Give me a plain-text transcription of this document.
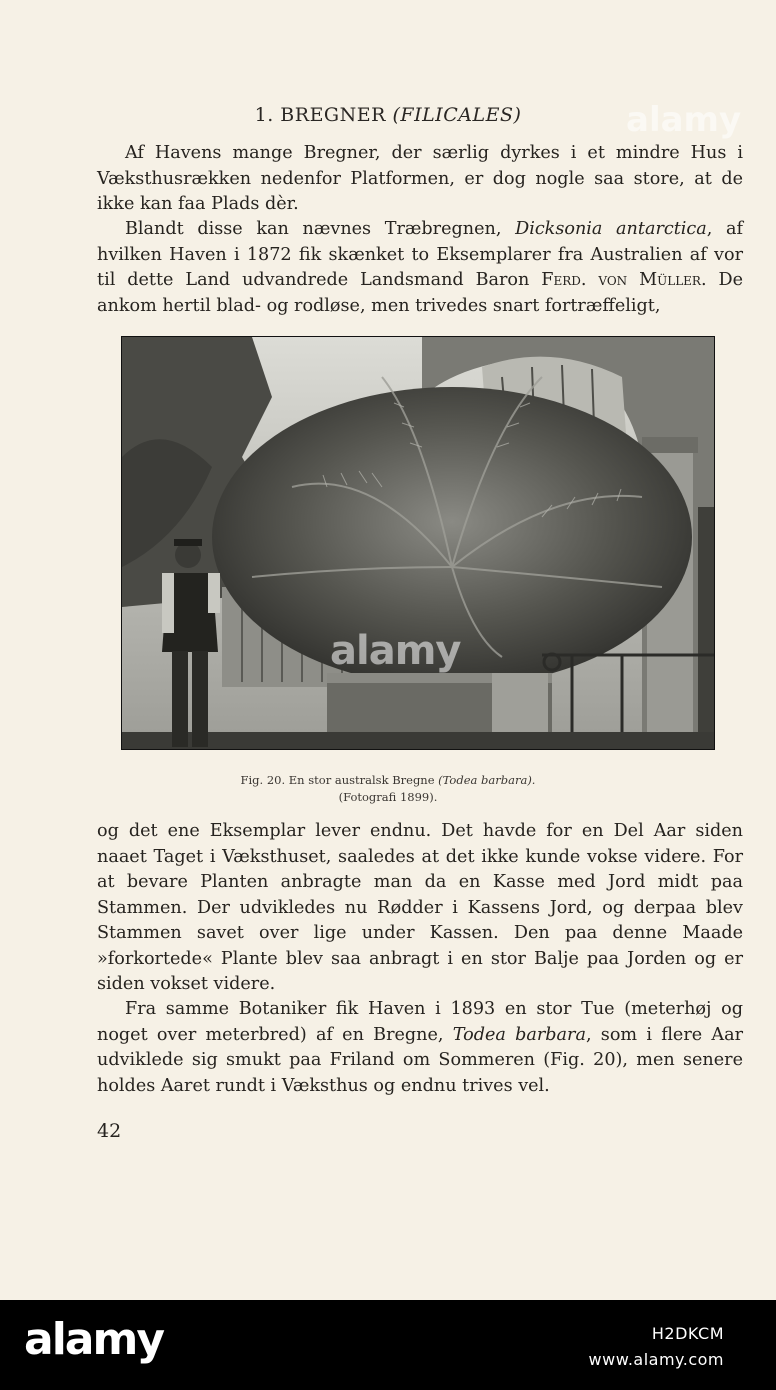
1. BREGNER (FILICALES)

Af Havens mange Bregner, der særlig dyrkes i et mindre Hus i Væksthusrækken nedenfor Platformen, er dog nogle saa store, at de ikke kan faa Plads dèr.

Blandt disse kan nævnes Træbregnen, Dicksonia antarctica, af hvilken Haven i 1872 fik skænket to Eksemplarer fra Australien af vor til dette Land udvandrede Landsmand Baron Ferd. von Müller. De ankom hertil blad- og rodløse, men trivedes snart fortræffeligt,

alamy
alamy
Fig. 20. En stor australsk Bregne (Todea barbara).
(Fotografi 1899).

og det ene Eksemplar lever endnu. Det havde for en Del Aar siden naaet Taget i Væksthuset, saaledes at det ikke kunde vokse videre. For at bevare Planten anbragte man da en Kasse med Jord midt paa Stammen. Der udvikledes nu Rødder i Kassens Jord, og derpaa blev Stammen savet over lige under Kassen. Den paa denne Maade »forkortede« Plante blev saa anbragt i en stor Balje paa Jorden og er siden vokset videre.

Fra samme Botaniker fik Haven i 1893 en stor Tue (meterhøj og noget over meterbred) af en Bregne, Todea barbara, som i flere Aar udviklede sig smukt paa Friland om Sommeren (Fig. 20), men senere holdes Aaret rundt i Væksthus og endnu trives vel.

42
alamy	H2DKCM
www.alamy.com
